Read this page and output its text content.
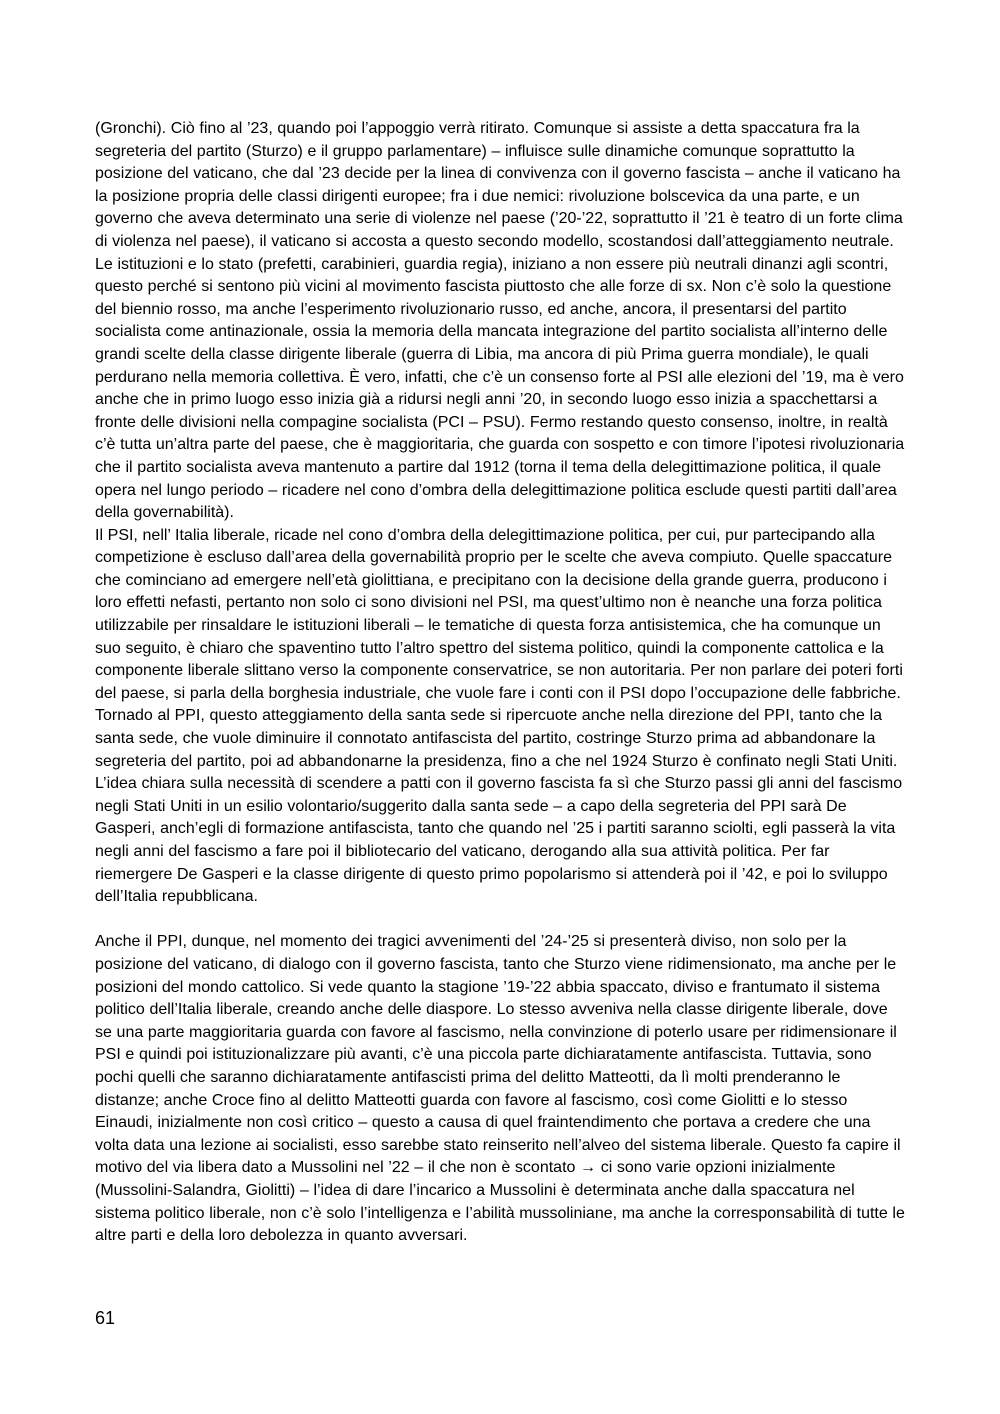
(Gronchi). Ciò fino al ’23, quando poi l’appoggio verrà ritirato. Comunque si assiste a detta spaccatura fra la segreteria del partito (Sturzo) e il gruppo parlamentare) – influisce sulle dinamiche comunque soprattutto la posizione del vaticano, che dal ’23 decide per la linea di convivenza con il governo fascista – anche il vaticano ha la posizione propria delle classi dirigenti europee; fra i due nemici: rivoluzione bolscevica da una parte, e un governo che aveva determinato una serie di violenze nel paese (’20-’22, soprattutto il ’21 è teatro di un forte clima di violenza nel paese), il vaticano si accosta a questo secondo modello, scostandosi dall’atteggiamento neutrale.

Le istituzioni e lo stato (prefetti, carabinieri, guardia regia), iniziano a non essere più neutrali dinanzi agli scontri, questo perché si sentono più vicini al movimento fascista piuttosto che alle forze di sx. Non c’è solo la questione del biennio rosso, ma anche l’esperimento rivoluzionario russo, ed anche, ancora, il presentarsi del partito socialista come antinazionale, ossia la memoria della mancata integrazione del partito socialista all’interno delle grandi scelte della classe dirigente liberale (guerra di Libia, ma ancora di più Prima guerra mondiale), le quali perdurano nella memoria collettiva. È vero, infatti, che c’è un consenso forte al PSI alle elezioni del ’19, ma è vero anche che in primo luogo esso inizia già a ridursi negli anni ’20, in secondo luogo esso inizia a spacchettarsi a fronte delle divisioni nella compagine socialista (PCI – PSU). Fermo restando questo consenso, inoltre, in realtà c’è tutta un’altra parte del paese, che è maggioritaria, che guarda con sospetto e con timore l’ipotesi rivoluzionaria che il partito socialista aveva mantenuto a partire dal 1912 (torna il tema della delegittimazione politica, il quale opera nel lungo periodo – ricadere nel cono d’ombra della delegittimazione politica esclude questi partiti dall’area della governabilità).

Il PSI, nell’ Italia liberale, ricade nel cono d’ombra della delegittimazione politica, per cui, pur partecipando alla competizione è escluso dall’area della governabilità proprio per le scelte che aveva compiuto. Quelle spaccature che cominciano ad emergere nell’età giolittiana, e precipitano con la decisione della grande guerra, producono i loro effetti nefasti, pertanto non solo ci sono divisioni nel PSI, ma quest’ultimo non è neanche una forza politica utilizzabile per rinsaldare le istituzioni liberali – le tematiche di questa forza antisistemica, che ha comunque un suo seguito, è chiaro che spaventino tutto l’altro spettro del sistema politico, quindi la componente cattolica e la componente liberale slittano verso la componente conservatrice, se non autoritaria. Per non parlare dei poteri forti del paese, si parla della borghesia industriale, che vuole fare i conti con il PSI dopo l’occupazione delle fabbriche.

Tornado al PPI, questo atteggiamento della santa sede si ripercuote anche nella direzione del PPI, tanto che la santa sede, che vuole diminuire il connotato antifascista del partito, costringe Sturzo prima ad abbandonare la segreteria del partito, poi ad abbandonarne la presidenza, fino a che nel 1924 Sturzo è confinato negli Stati Uniti. L’idea chiara sulla necessità di scendere a patti con il governo fascista fa sì che Sturzo passi gli anni del fascismo negli Stati Uniti in un esilio volontario/suggerito dalla santa sede – a capo della segreteria del PPI sarà De Gasperi, anch’egli di formazione antifascista, tanto che quando nel ’25 i partiti saranno sciolti, egli passerà la vita negli anni del fascismo a fare poi il bibliotecario del vaticano, derogando alla sua attività politica. Per far riemergere De Gasperi e la classe dirigente di questo primo popolarismo si attenderà poi il ’42, e poi lo sviluppo dell’Italia repubblicana.

Anche il PPI, dunque, nel momento dei tragici avvenimenti del ’24-’25 si presenterà diviso, non solo per la posizione del vaticano, di dialogo con il governo fascista, tanto che Sturzo viene ridimensionato, ma anche per le posizioni del mondo cattolico. Si vede quanto la stagione ’19-’22 abbia spaccato, diviso e frantumato il sistema politico dell’Italia liberale, creando anche delle diaspore. Lo stesso avveniva nella classe dirigente liberale, dove se una parte maggioritaria guarda con favore al fascismo, nella convinzione di poterlo usare per ridimensionare il PSI e quindi poi istituzionalizzare più avanti, c’è una piccola parte dichiaratamente antifascista. Tuttavia, sono pochi quelli che saranno dichiaratamente antifascisti prima del delitto Matteotti, da lì molti prenderanno le distanze; anche Croce fino al delitto Matteotti guarda con favore al fascismo, così come Giolitti e lo stesso Einaudi, inizialmente non così critico – questo a causa di quel fraintendimento che portava a credere che una volta data una lezione ai socialisti, esso sarebbe stato reinserito nell’alveo del sistema liberale. Questo fa capire il motivo del via libera dato a Mussolini nel ’22 – il che non è scontato → ci sono varie opzioni inizialmente (Mussolini-Salandra, Giolitti) – l’idea di dare l’incarico a Mussolini è determinata anche dalla spaccatura nel sistema politico liberale, non c’è solo l’intelligenza e l’abilità mussoliniane, ma anche la corresponsabilità di tutte le altre parti e della loro debolezza in quanto avversari.

61
